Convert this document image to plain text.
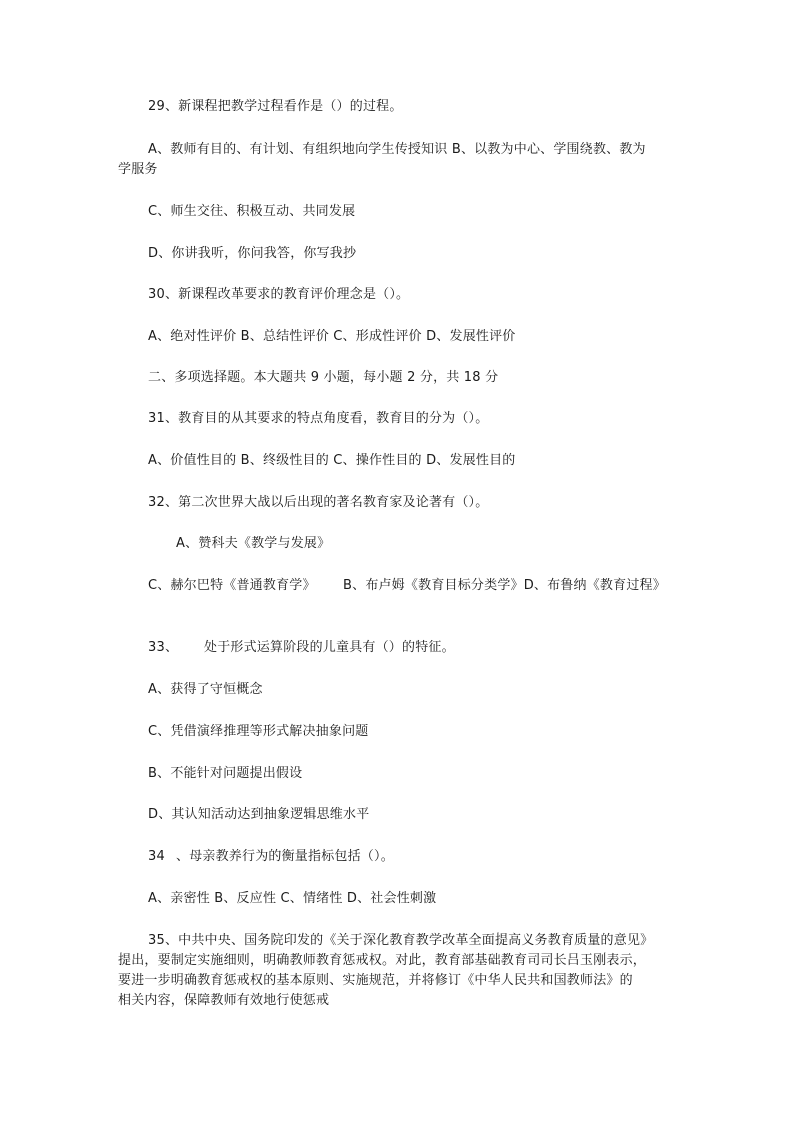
29、新课程把教学过程看作是（）的过程。
A、教师有目的、有计划、有组织地向学生传授知识 B、以教为中心、学围绕教、教为
学服务
C、师生交往、积极互动、共同发展
D、你讲我听，你问我答，你写我抄
30、新课程改革要求的教育评价理念是（）。
A、绝对性评价 B、总结性评价 C、形成性评价 D、发展性评价
二、多项选择题。本大题共 9 小题，每小题 2 分，共 18 分
31、教育目的从其要求的特点角度看，教育目的分为（）。
A、价值性目的 B、终级性目的 C、操作性目的 D、发展性目的
32、第二次世界大战以后出现的著名教育家及论著有（）。
A、赞科夫《教学与发展》
C、赫尔巴特《普通教育学》 B、布卢姆《教育目标分类学》D、布鲁纳《教育过程》
33、 处于形式运算阶段的儿童具有（）的特征。
A、获得了守恒概念
C、凭借演绎推理等形式解决抽象问题
B、不能针对问题提出假设
D、其认知活动达到抽象逻辑思维水平
34 、母亲教养行为的衡量指标包括（）。
A、亲密性 B、反应性 C、情绪性 D、社会性刺激
35、中共中央、国务院印发的《关于深化教育教学改革全面提高义务教育质量的意见》
提出，要制定实施细则，明确教师教育惩戒权。对此，教育部基础教育司司长吕玉刚表示，
要进一步明确教育惩戒权的基本原则、实施规范，并将修订《中华人民共和国教师法》的
相关内容，保障教师有效地行使惩戒
